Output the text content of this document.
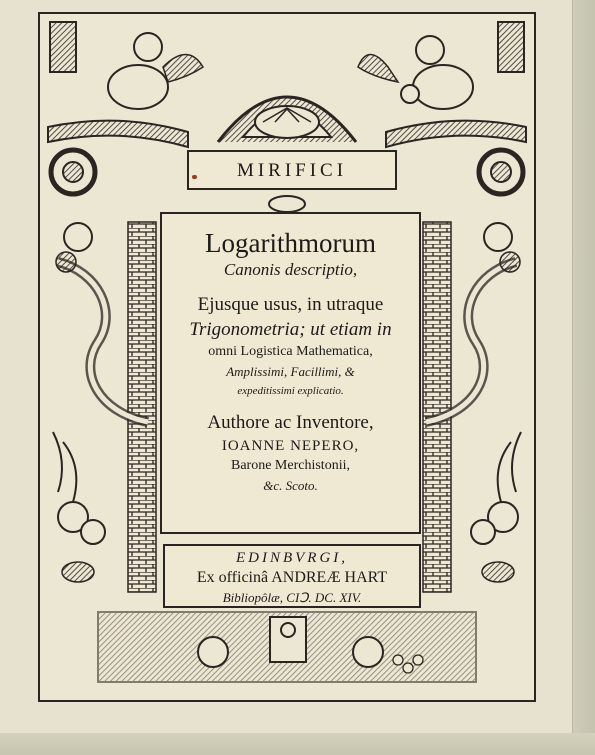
MIRIFICI
Logarithmorum
Canonis descriptio,
Ejusque usus, in utraque
Trigonometria; ut etiam in
omni Logistica Mathematica,
Amplissimi, Facillimi, &
expeditissimi explicatio.
Authore ac Inventore,
IOANNE NEPERO,
Barone Merchistonii,
&c. Scoto.
EDINBVRGI,
Ex officinâ ANDREÆ HART
Bibliopôlæ, CIↃ. DC. XIV.
